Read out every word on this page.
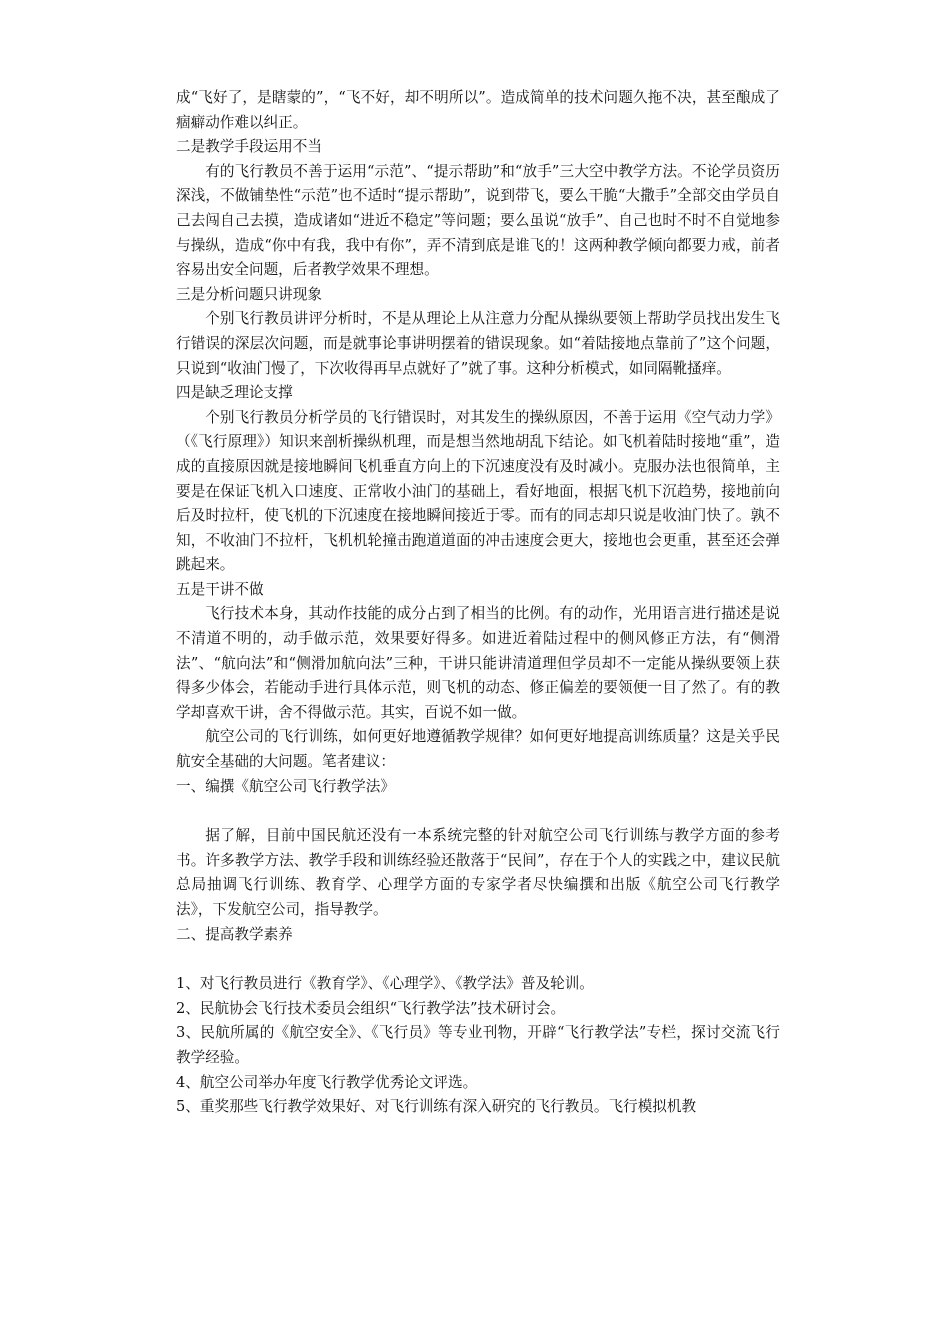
成“飞好了，是瞎蒙的”，“飞不好，却不明所以”。造成简单的技术问题久拖不决，甚至酿成了痼癖动作难以纠正。

二是教学手段运用不当

有的飞行教员不善于运用“示范”、“提示帮助”和“放手”三大空中教学方法。不论学员资历深浅，不做铺垫性“示范”也不适时“提示帮助”，说到带飞，要么干脆“大撒手”全部交由学员自己去闯自己去摸，造成诸如“进近不稳定”等问题；要么虽说“放手”、自己也时不时不自觉地参与操纵，造成“你中有我，我中有你”，弄不清到底是谁飞的！这两种教学倾向都要力戒，前者容易出安全问题，后者教学效果不理想。

三是分析问题只讲现象

个别飞行教员讲评分析时，不是从理论上从注意力分配从操纵要领上帮助学员找出发生飞行错误的深层次问题，而是就事论事讲明摆着的错误现象。如“着陆接地点靠前了”这个问题，只说到“收油门慢了，下次收得再早点就好了”就了事。这种分析模式，如同隔靴搔痒。

四是缺乏理论支撑

个别飞行教员分析学员的飞行错误时，对其发生的操纵原因，不善于运用《空气动力学》（《飞行原理》）知识来剖析操纵机理，而是想当然地胡乱下结论。如飞机着陆时接地“重”，造成的直接原因就是接地瞬间飞机垂直方向上的下沉速度没有及时减小。克服办法也很简单，主要是在保证飞机入口速度、正常收小油门的基础上，看好地面，根据飞机下沉趋势，接地前向后及时拉杆，使飞机的下沉速度在接地瞬间接近于零。而有的同志却只说是收油门快了。孰不知，不收油门不拉杆，飞机机轮撞击跑道道面的冲击速度会更大，接地也会更重，甚至还会弹跳起来。

五是干讲不做

飞行技术本身，其动作技能的成分占到了相当的比例。有的动作，光用语言进行描述是说不清道不明的，动手做示范，效果要好得多。如进近着陆过程中的侧风修正方法，有“侧滑法”、“航向法”和“侧滑加航向法”三种，干讲只能讲清道理但学员却不一定能从操纵要领上获得多少体会，若能动手进行具体示范，则飞机的动态、修正偏差的要领便一目了然了。有的教学却喜欢干讲，舍不得做示范。其实，百说不如一做。

航空公司的飞行训练，如何更好地遵循教学规律？如何更好地提高训练质量？这是关乎民航安全基础的大问题。笔者建议：

一、编撰《航空公司飞行教学法》

据了解，目前中国民航还没有一本系统完整的针对航空公司飞行训练与教学方面的参考书。许多教学方法、教学手段和训练经验还散落于“民间”，存在于个人的实践之中，建议民航总局抽调飞行训练、教育学、心理学方面的专家学者尽快编撰和出版《航空公司飞行教学法》，下发航空公司，指导教学。

二、提高教学素养

1、对飞行教员进行《教育学》、《心理学》、《教学法》普及轮训。

2、民航协会飞行技术委员会组织“飞行教学法”技术研讨会。

3、民航所属的《航空安全》、《飞行员》等专业刊物，开辟“飞行教学法”专栏，探讨交流飞行教学经验。

4、航空公司举办年度飞行教学优秀论文评选。

5、重奖那些飞行教学效果好、对飞行训练有深入研究的飞行教员。飞行模拟机教
